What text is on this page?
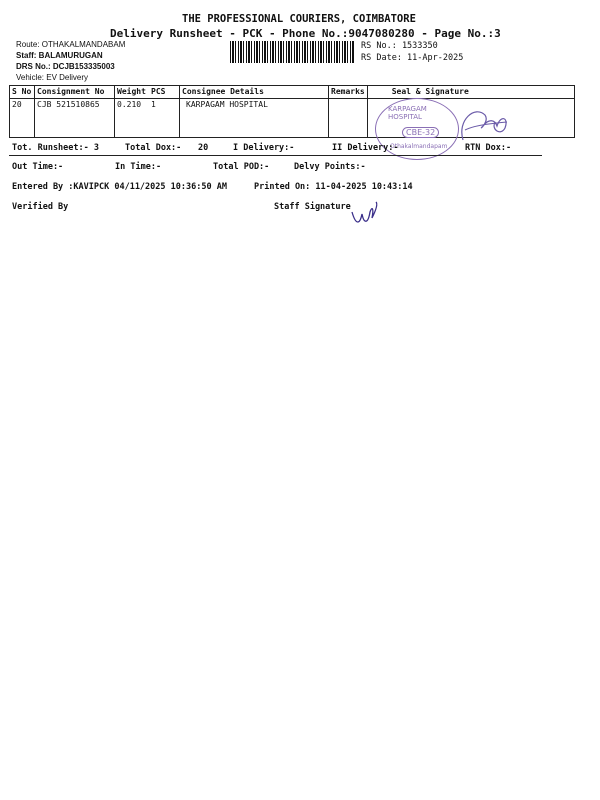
THE PROFESSIONAL COURIERS, COIMBATORE
Delivery Runsheet - PCK - Phone No.:9047080280 - Page No.:3
Route: OTHAKALMANDABAM
Staff: BALAMURUGAN
DRS No.: DCJB153335003
Vehicle: EV Delivery
RS No.: 1533350
RS Date: 11-Apr-2025
S No	Consignment No	Weight	PCS	Consignee Details	Remarks	Seal & Signature
20	CJB 521510865	0.210	1	KARPAGAM HOSPITAL			KARPAGAM HOSPITAL
CBE-32
Othakalmandapam
Tot. Runsheet:- 3	Total Dox:- 20	I Delivery:-	II Delivery:-	RTN Dox:-
Out Time:-	In Time:-	Total POD:-	Delvy Points:-
Entered By :KAVIPCK 04/11/2025 10:36:50 AM	Printed On: 11-04-2025 10:43:14
Verified By	Staff Signature
